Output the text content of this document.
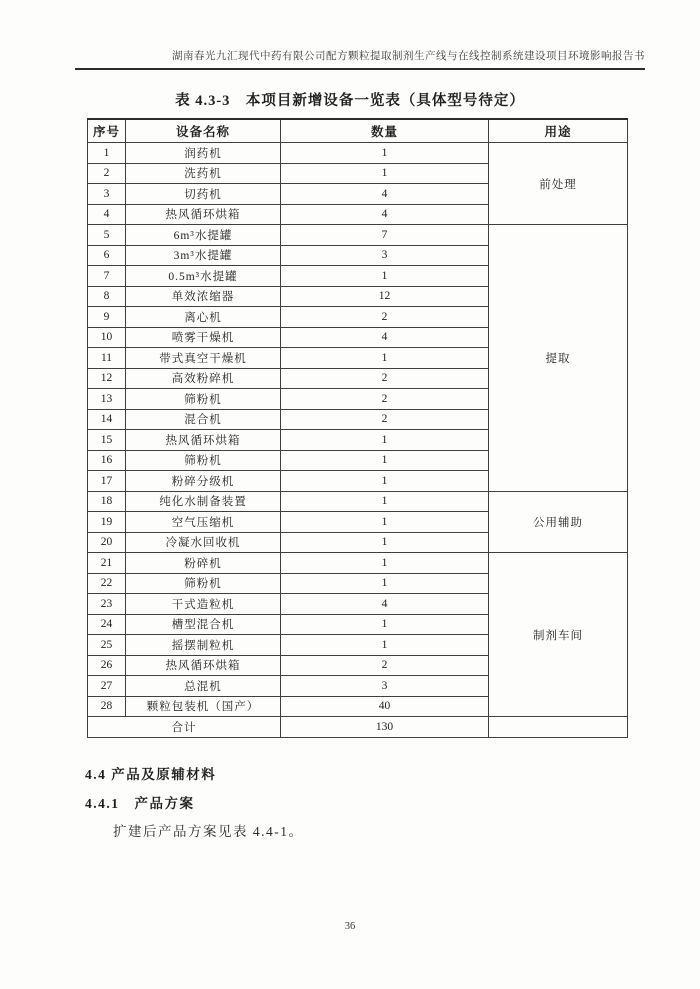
湖南春光九汇现代中药有限公司配方颗粒提取制剂生产线与在线控制系统建设项目环境影响报告书
表 4.3-3　本项目新增设备一览表（具体型号待定）
序号	设备名称	数量	用途
1	润药机	1	前处理
2	洗药机	1	
3	切药机	4	
4	热风循环烘箱	4	
5	6m³水提罐	7	提取
6	3m³水提罐	3	
7	0.5m³水提罐	1	
8	单效浓缩器	12	
9	离心机	2	
10	喷雾干燥机	4	
11	带式真空干燥机	1	
12	高效粉碎机	2	
13	筛粉机	2	
14	混合机	2	
15	热风循环烘箱	1	
16	筛粉机	1	
17	粉碎分级机	1	
18	纯化水制备装置	1	公用辅助
19	空气压缩机	1	
20	冷凝水回收机	1	
21	粉碎机	1	制剂车间
22	筛粉机	1	
23	干式造粒机	4	
24	槽型混合机	1	
25	摇摆制粒机	1	
26	热风循环烘箱	2	
27	总混机	3	
28	颗粒包装机（国产）	40	
合计		130	
4.4 产品及原辅材料
4.4.1　产品方案
扩建后产品方案见表 4.4-1。
36
